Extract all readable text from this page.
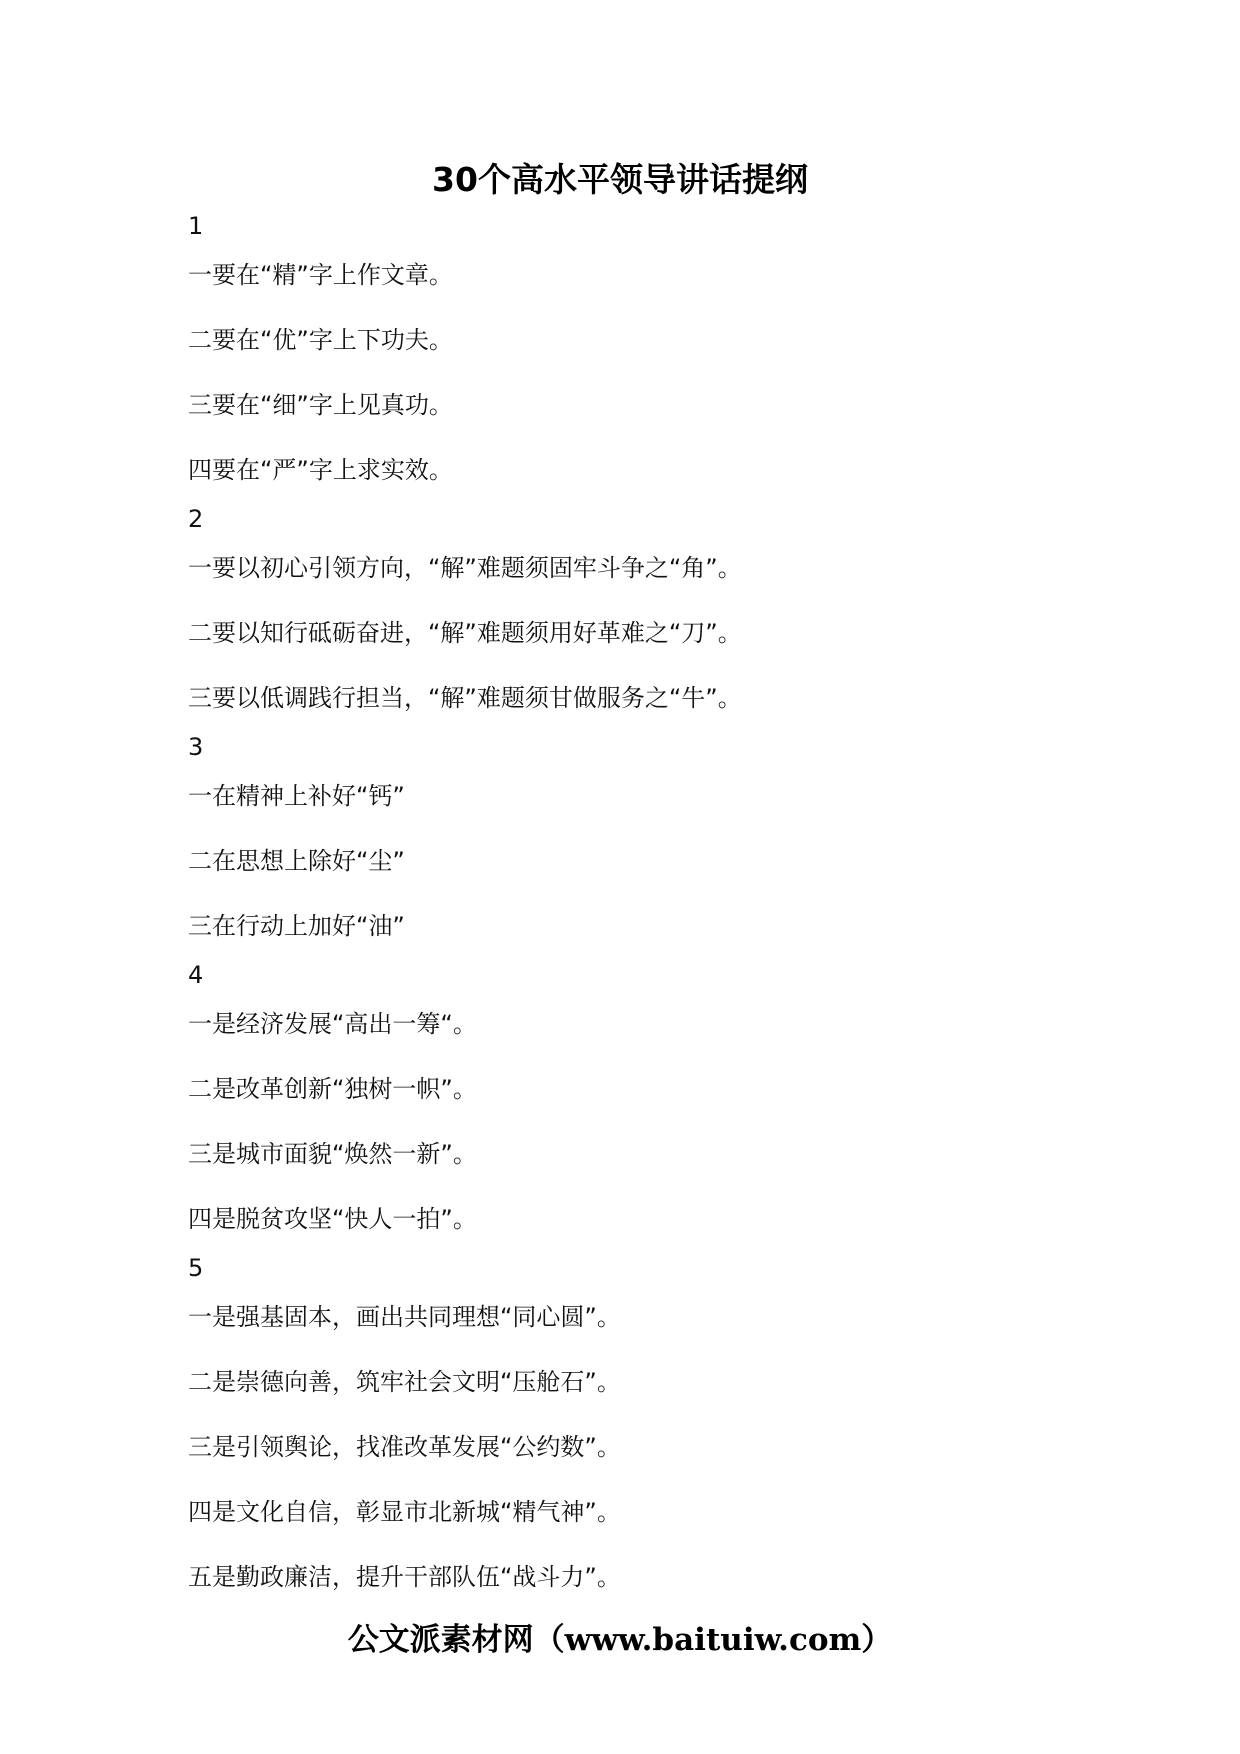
30个高水平领导讲话提纲
1
一要在“精”字上作文章。
二要在“优”字上下功夫。
三要在“细”字上见真功。
四要在“严”字上求实效。
2
一要以初心引领方向，“解”难题须固牢斗争之“角”。
二要以知行砥砺奋进，“解”难题须用好革难之“刀”。
三要以低调践行担当，“解”难题须甘做服务之“牛”。
3
一在精神上补好“钙”
二在思想上除好“尘”
三在行动上加好“油”
4
一是经济发展“高出一筹“。
二是改革创新“独树一帜”。
三是城市面貌“焕然一新”。
四是脱贫攻坚“快人一拍”。
5
一是强基固本，画出共同理想“同心圆”。
二是崇德向善，筑牢社会文明“压舱石”。
三是引领舆论，找准改革发展“公约数”。
四是文化自信，彰显市北新城“精气神”。
五是勤政廉洁，提升干部队伍“战斗力”。
公文派素材网（www.baituiw.com）
